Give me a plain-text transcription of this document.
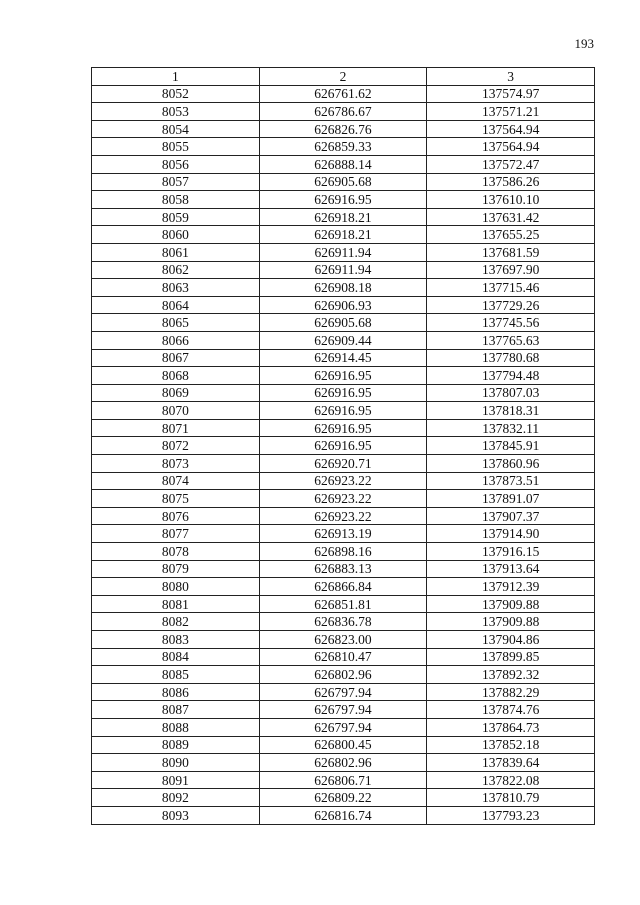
193
1	2	3
8052	626761.62	137574.97
8053	626786.67	137571.21
8054	626826.76	137564.94
8055	626859.33	137564.94
8056	626888.14	137572.47
8057	626905.68	137586.26
8058	626916.95	137610.10
8059	626918.21	137631.42
8060	626918.21	137655.25
8061	626911.94	137681.59
8062	626911.94	137697.90
8063	626908.18	137715.46
8064	626906.93	137729.26
8065	626905.68	137745.56
8066	626909.44	137765.63
8067	626914.45	137780.68
8068	626916.95	137794.48
8069	626916.95	137807.03
8070	626916.95	137818.31
8071	626916.95	137832.11
8072	626916.95	137845.91
8073	626920.71	137860.96
8074	626923.22	137873.51
8075	626923.22	137891.07
8076	626923.22	137907.37
8077	626913.19	137914.90
8078	626898.16	137916.15
8079	626883.13	137913.64
8080	626866.84	137912.39
8081	626851.81	137909.88
8082	626836.78	137909.88
8083	626823.00	137904.86
8084	626810.47	137899.85
8085	626802.96	137892.32
8086	626797.94	137882.29
8087	626797.94	137874.76
8088	626797.94	137864.73
8089	626800.45	137852.18
8090	626802.96	137839.64
8091	626806.71	137822.08
8092	626809.22	137810.79
8093	626816.74	137793.23
